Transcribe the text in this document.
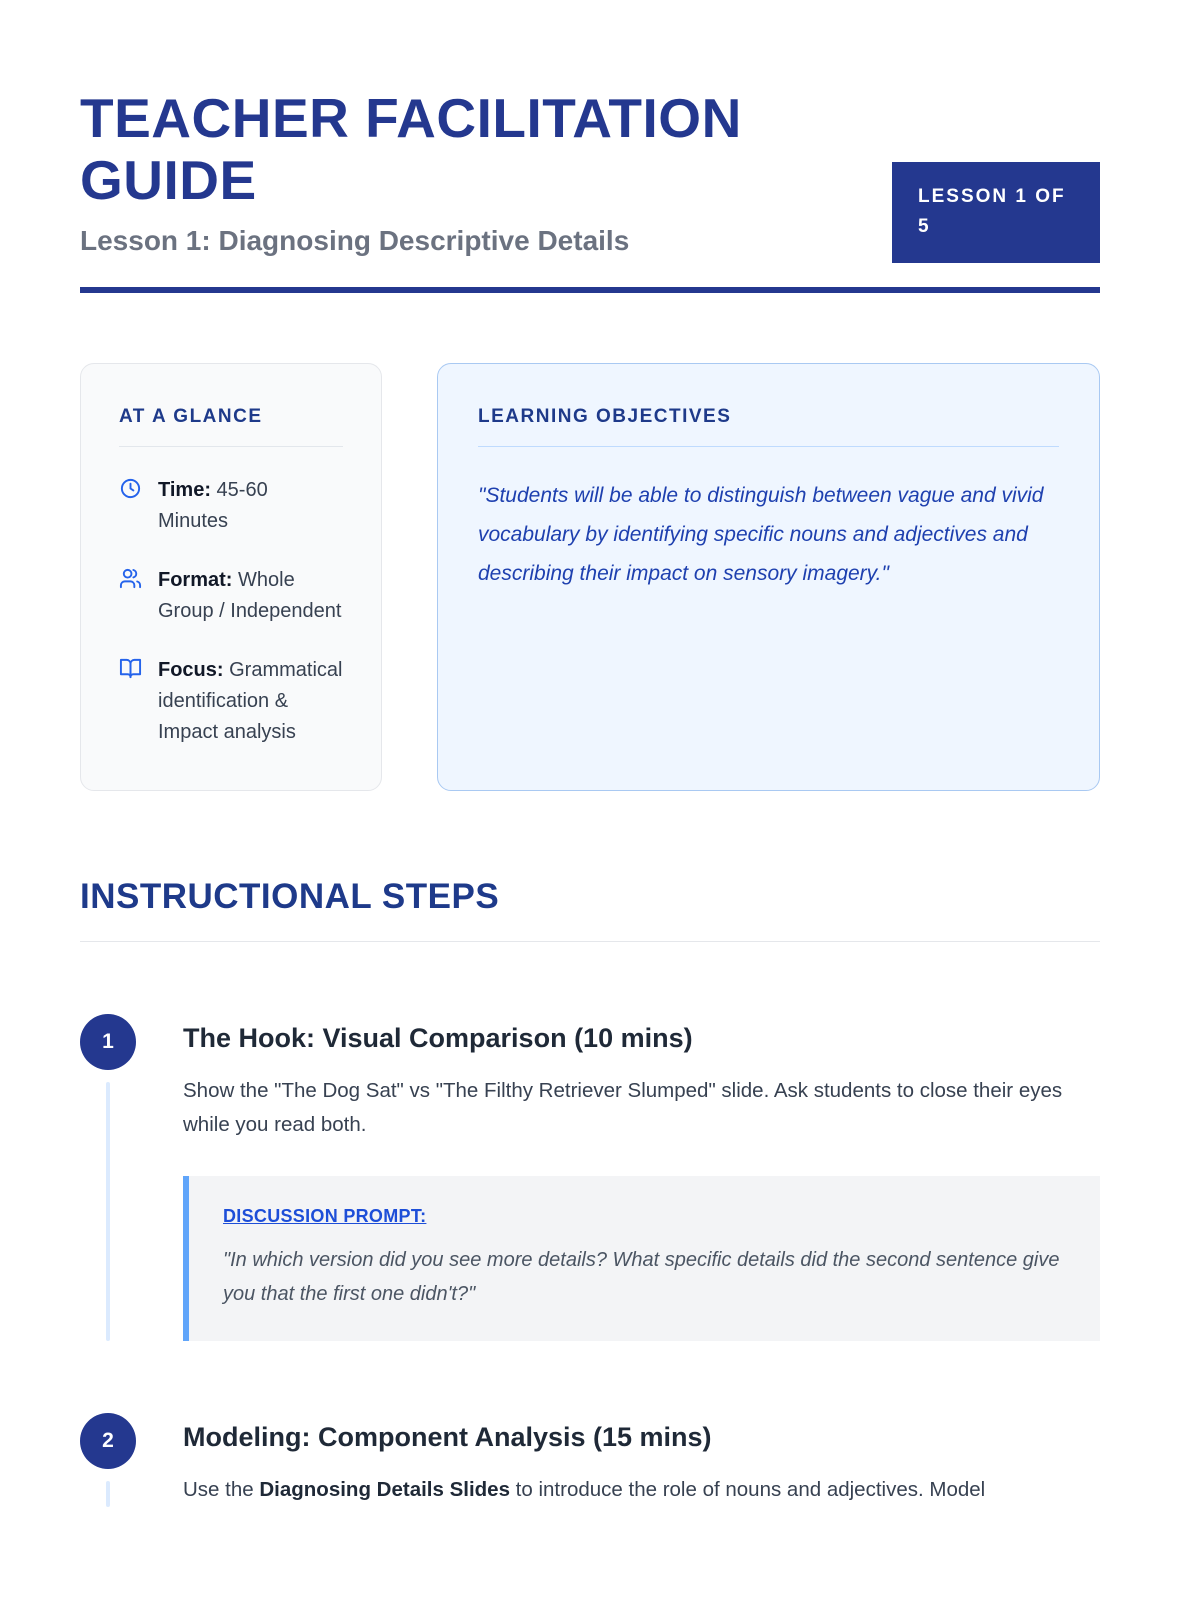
TEACHER FACILITATION
GUIDE
Lesson 1: Diagnosing Descriptive Details
LESSON 1 OF 5
AT A GLANCE
Time: 45-60 Minutes
Format: Whole Group / Independent
Focus: Grammatical identification & Impact analysis
LEARNING OBJECTIVES
"Students will be able to distinguish between vague and vivid vocabulary by identifying specific nouns and adjectives and describing their impact on sensory imagery."
INSTRUCTIONAL STEPS
1	The Hook: Visual Comparison (10 mins)

Show the "The Dog Sat" vs "The Filthy Retriever Slumped" slide. Ask students to close their eyes while you read both.

DISCUSSION PROMPT:
"In which version did you see more details? What specific details did the second sentence give you that the first one didn't?"
2	Modeling: Component Analysis (15 mins)

Use the Diagnosing Details Slides to introduce the role of nouns and adjectives. Model
